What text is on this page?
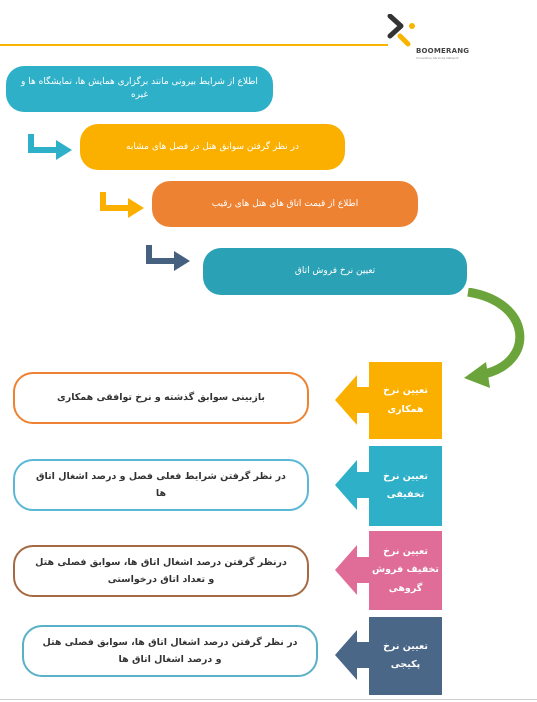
BOOMERANG
Innovative Services Network
اطلاع از شرایط بیرونی مانند برگزاری همایش ها، نمایشگاه ها و غیره
در نظر گرفتن سوابق هتل در فصل های مشابه
اطلاع از قیمت اتاق های هتل های رقیب
تعیین نرخ فروش اتاق
بازبینی سوابق گذشته و نرخ توافقی همکاری
تعیین نرخ همکاری
در نظر گرفتن شرایط فعلی فصل و درصد اشغال اتاق ها
تعیین نرخ تخفیفی
درنظر گرفتن درصد اشغال اتاق ها، سوابق فصلی هتل و تعداد اتاق درخواستی
تعیین نرخ تخفیف فروش گروهی
در نظر گرفتن درصد اشغال اتاق ها، سوابق فصلی هتل و درصد اشغال اتاق ها
تعیین نرخ پکیجی
